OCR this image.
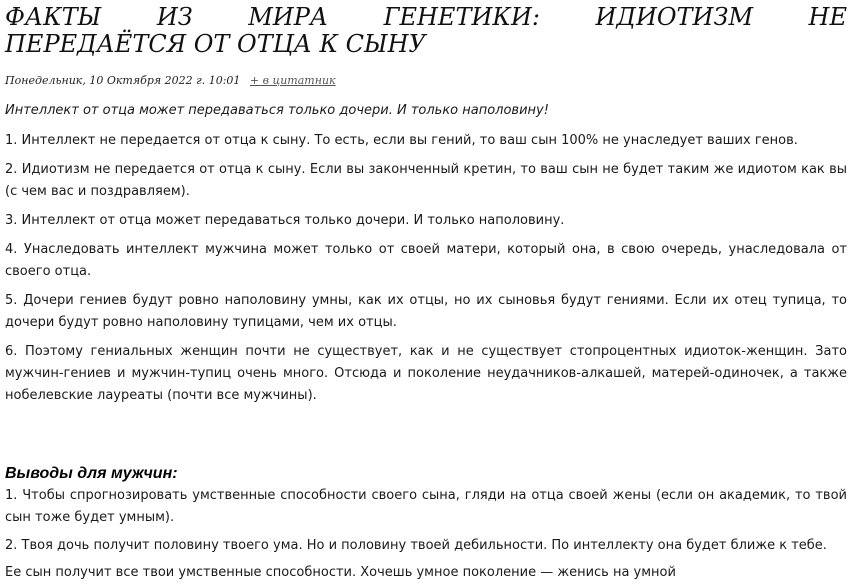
ФАКТЫ ИЗ МИРА ГЕНЕТИКИ: ИДИОТИЗМ НЕ
ПЕРЕДАЁТСЯ ОТ ОТЦА К СЫНУ
Понедельник, 10 Октября 2022 г. 10:01 + в цитатник
Интеллект от отца может передаваться только дочери. И только наполовину!

1. Интеллект не передается от отца к сыну. То есть, если вы гений, то ваш сын 100% не унаследует ваших генов.

2. Идиотизм не передается от отца к сыну. Если вы законченный кретин, то ваш сын не будет таким же идиотом как вы (с чем вас и поздравляем).

3. Интеллект от отца может передаваться только дочери. И только наполовину.

4. Унаследовать интеллект мужчина может только от своей матери, который она, в свою очередь, унаследовала от своего отца.

5. Дочери гениев будут ровно наполовину умны, как их отцы, но их сыновья будут гениями. Если их отец тупица, то дочери будут ровно наполовину тупицами, чем их отцы.

6. Поэтому гениальных женщин почти не существует, как и не существует стопроцентных идиоток-женщин. Зато мужчин-гениев и мужчин-тупиц очень много. Отсюда и поколение неудачников-алкашей, матерей-одиночек, а также нобелевские лауреаты (почти все мужчины).

Выводы для мужчин:

1. Чтобы спрогнозировать умственные способности своего сына, гляди на отца своей жены (если он академик, то твой сын тоже будет умным).

2. Твоя дочь получит половину твоего ума. Но и половину твоей дебильности. По интеллекту она будет ближе к тебе.

Ее сын получит все твои умственные способности. Хочешь умное поколение — женись на умной
